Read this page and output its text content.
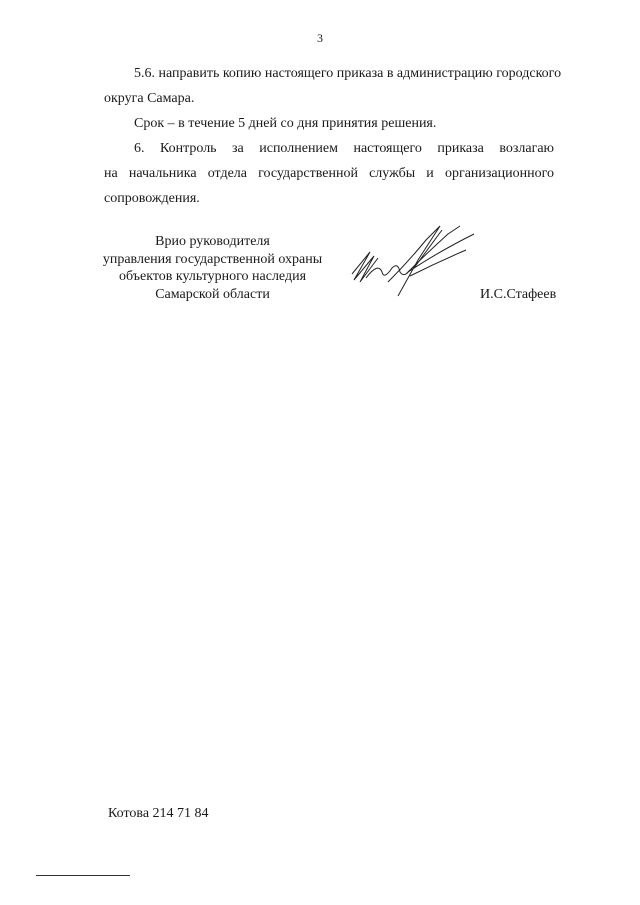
3
5.6. направить копию настоящего приказа в администрацию городского
округа Самара.
Срок – в течение 5 дней со дня принятия решения.
6. Контроль за исполнением настоящего приказа возлагаю
на начальника отдела государственной службы и организационного
сопровождения.
Врио руководителя
управления государственной охраны
объектов культурного наследия
Самарской области	И.С.Стафеев
Котова 214 71 84
